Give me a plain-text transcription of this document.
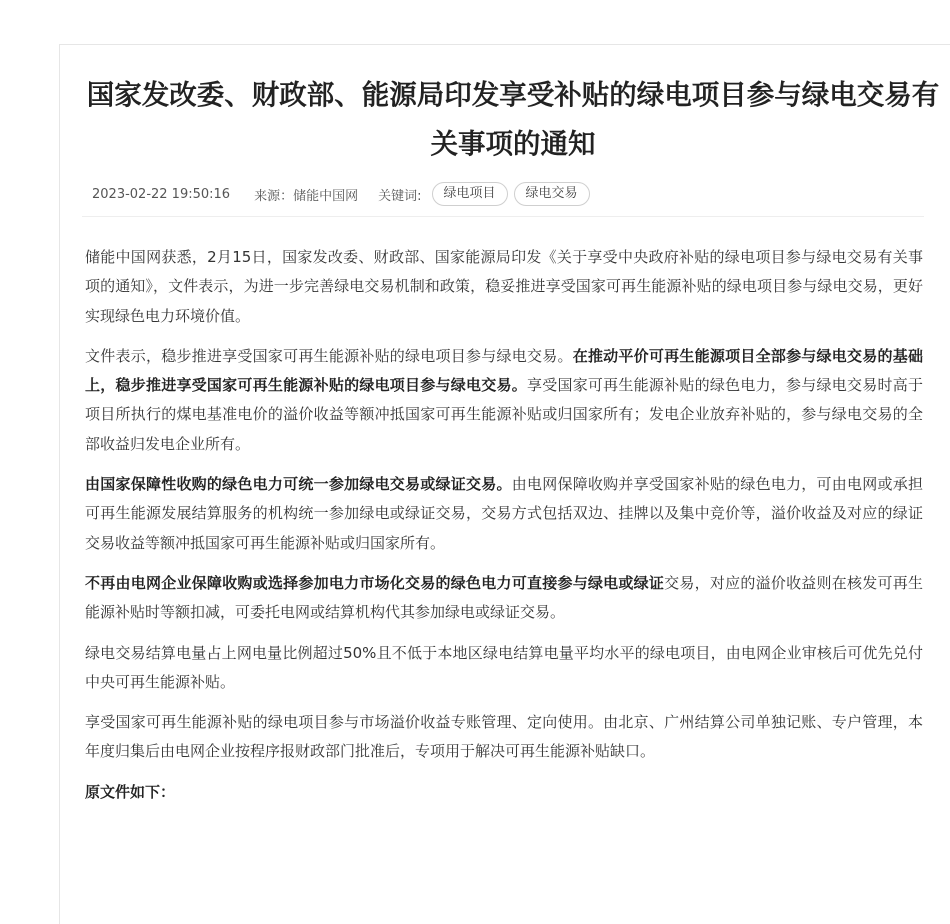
国家发改委、财政部、能源局印发享受补贴的绿电项目参与绿电交易有关事项的通知
2023-02-22 19:50:16 来源： 储能中国网 关键词:	绿电项目	绿电交易

储能中国网获悉，2月15日，国家发改委、财政部、国家能源局印发《关于享受中央政府补贴的绿电项目参与绿电交易有关事项的通知》，文件表示，为进一步完善绿电交易机制和政策，稳妥推进享受国家可再生能源补贴的绿电项目参与绿电交易，更好实现绿色电力环境价值。

文件表示，稳步推进享受国家可再生能源补贴的绿电项目参与绿电交易。在推动平价可再生能源项目全部参与绿电交易的基础上，稳步推进享受国家可再生能源补贴的绿电项目参与绿电交易。享受国家可再生能源补贴的绿色电力，参与绿电交易时高于项目所执行的煤电基准电价的溢价收益等额冲抵国家可再生能源补贴或归国家所有；发电企业放弃补贴的，参与绿电交易的全部收益归发电企业所有。

由国家保障性收购的绿色电力可统一参加绿电交易或绿证交易。由电网保障收购并享受国家补贴的绿色电力，可由电网或承担可再生能源发展结算服务的机构统一参加绿电或绿证交易，交易方式包括双边、挂牌以及集中竞价等，溢价收益及对应的绿证交易收益等额冲抵国家可再生能源补贴或归国家所有。

不再由电网企业保障收购或选择参加电力市场化交易的绿色电力可直接参与绿电或绿证交易，对应的溢价收益则在核发可再生能源补贴时等额扣减，可委托电网或结算机构代其参加绿电或绿证交易。

绿电交易结算电量占上网电量比例超过50%且不低于本地区绿电结算电量平均水平的绿电项目，由电网企业审核后可优先兑付中央可再生能源补贴。

享受国家可再生能源补贴的绿电项目参与市场溢价收益专账管理、定向使用。由北京、广州结算公司单独记账、专户管理，本年度归集后由电网企业按程序报财政部门批准后，专项用于解决可再生能源补贴缺口。

原文件如下：
